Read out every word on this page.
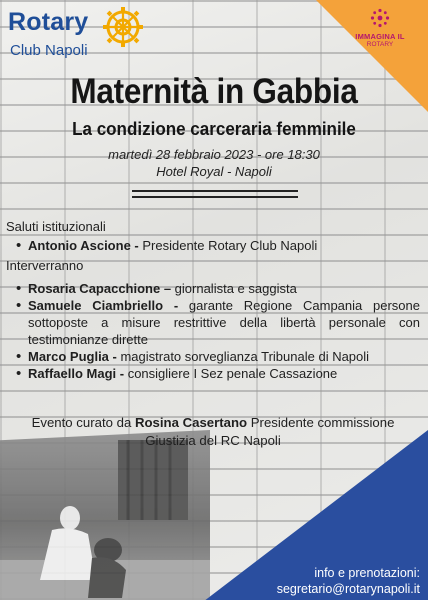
Rotary
Club Napoli
IMMAGINA IL
ROTARY
Maternità in Gabbia
La condizione carceraria femminile
martedì 28 febbraio 2023 - ore 18:30
Hotel Royal - Napoli
Saluti istituzionali
• Antonio Ascione - Presidente Rotary Club Napoli
Interverranno
• Rosaria Capacchione – giornalista e saggista
• Samuele Ciambriello - garante Regione Campania persone sottoposte a misure restrittive della libertà personale con testimonianze dirette
• Marco Puglia - magistrato sorveglianza Tribunale di Napoli
• Raffaello Magi - consigliere I Sez penale Cassazione
Evento curato da Rosina Casertano Presidente commissione Giustizia del RC Napoli
info e prenotazioni:
segretario@rotarynapoli.it
